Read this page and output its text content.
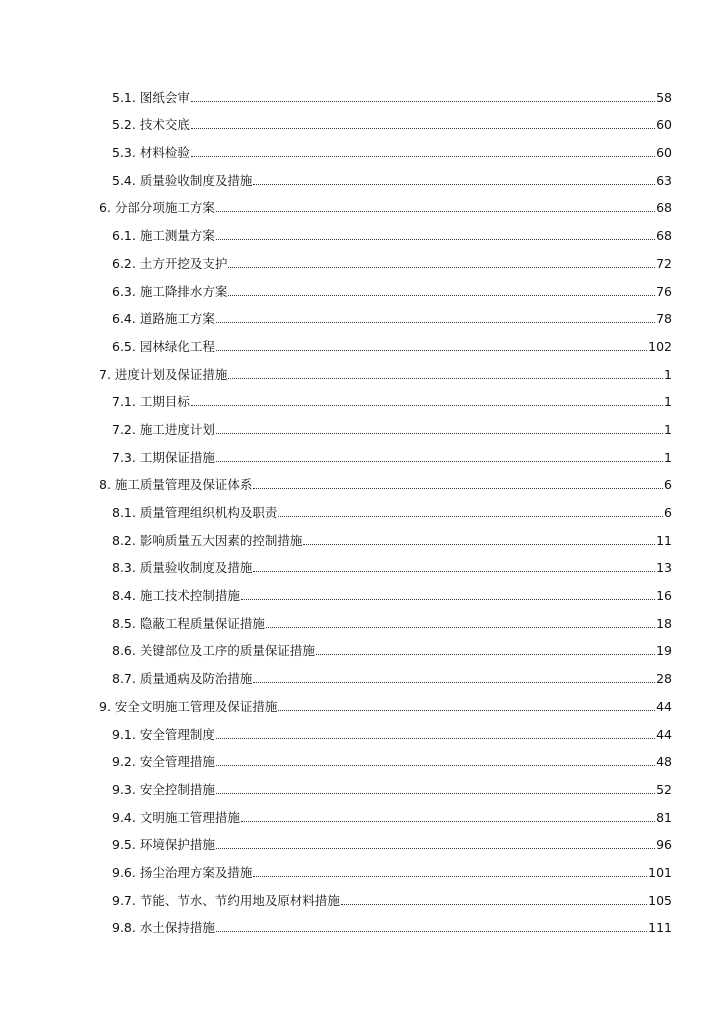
5.1. 图纸会审	58
5.2. 技术交底	60
5.3. 材料检验	60
5.4. 质量验收制度及措施	63
6. 分部分项施工方案	68
6.1. 施工测量方案	68
6.2. 土方开挖及支护	72
6.3. 施工降排水方案	76
6.4. 道路施工方案	78
6.5. 园林绿化工程	102
7. 进度计划及保证措施	1
7.1. 工期目标	1
7.2. 施工进度计划	1
7.3. 工期保证措施	1
8. 施工质量管理及保证体系	6
8.1. 质量管理组织机构及职责	6
8.2. 影响质量五大因素的控制措施	11
8.3. 质量验收制度及措施	13
8.4. 施工技术控制措施	16
8.5. 隐蔽工程质量保证措施	18
8.6. 关键部位及工序的质量保证措施	19
8.7. 质量通病及防治措施	28
9. 安全文明施工管理及保证措施	44
9.1. 安全管理制度	44
9.2. 安全管理措施	48
9.3. 安全控制措施	52
9.4. 文明施工管理措施	81
9.5. 环境保护措施	96
9.6. 扬尘治理方案及措施	101
9.7. 节能、节水、节约用地及原材料措施	105
9.8. 水土保持措施	111
